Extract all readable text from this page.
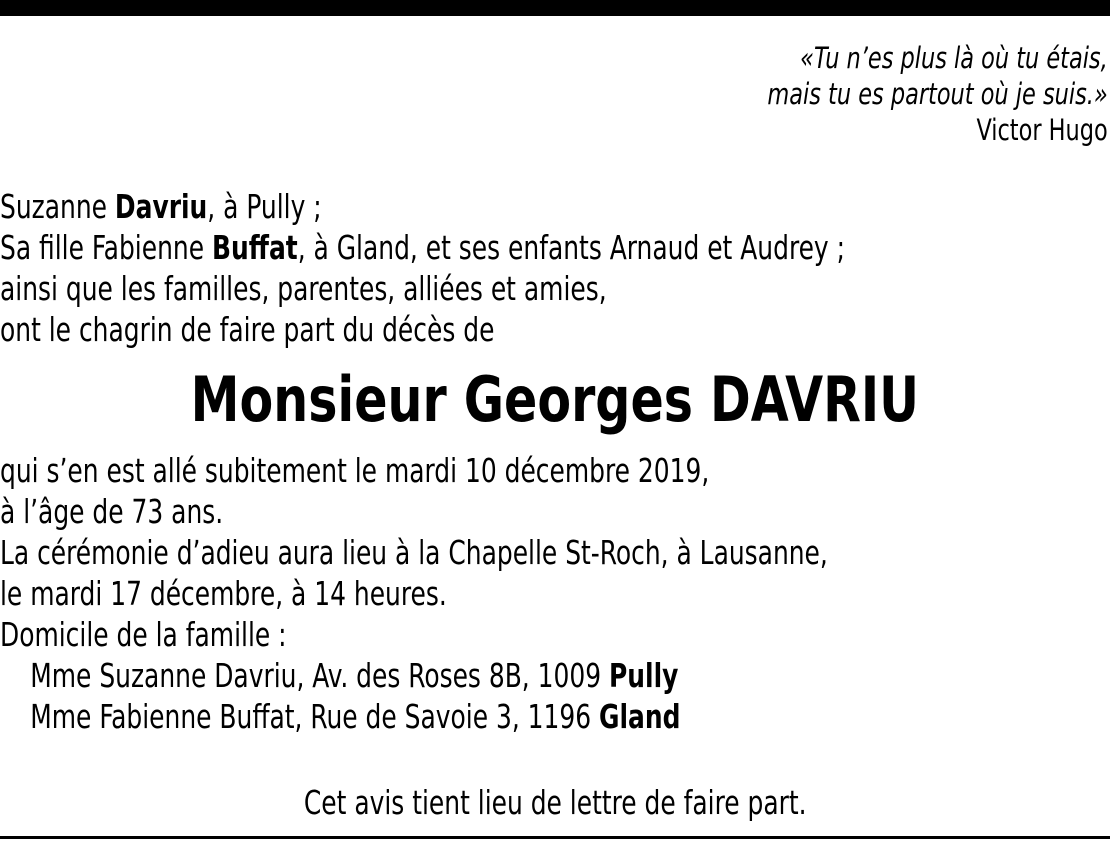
«Tu n’es plus là où tu étais,
mais tu es partout où je suis.»
Victor Hugo
Suzanne Davriu, à Pully ;
Sa fille Fabienne Buffat, à Gland, et ses enfants Arnaud et Audrey ;
ainsi que les familles, parentes, alliées et amies,
ont le chagrin de faire part du décès de
Monsieur Georges DAVRIU
qui s’en est allé subitement le mardi 10 décembre 2019,
à l’âge de 73 ans.
La cérémonie d’adieu aura lieu à la Chapelle St-Roch, à Lausanne,
le mardi 17 décembre, à 14 heures.
Domicile de la famille :
Mme Suzanne Davriu, Av. des Roses 8B, 1009 Pully
Mme Fabienne Buffat, Rue de Savoie 3, 1196 Gland
Cet avis tient lieu de lettre de faire part.
